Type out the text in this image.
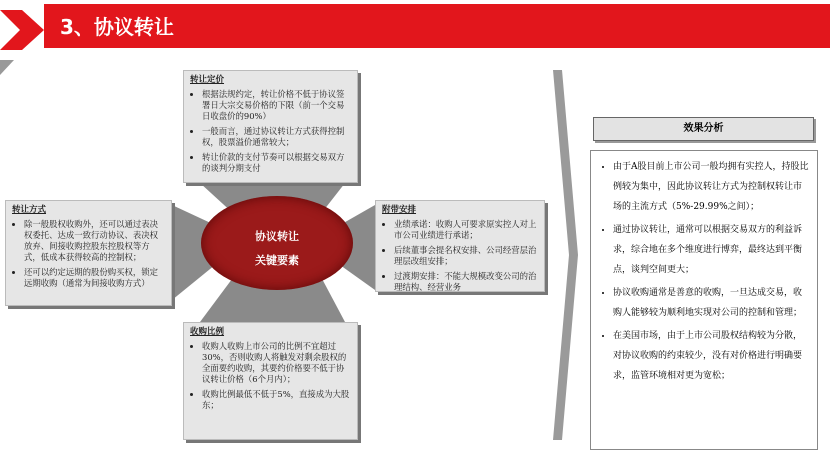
3、协议转让
转让定价
• 根据法规约定，转让价格不低于协议签署日大宗交易价格的下限（前一个交易日收盘价的90%）
• 一般而言，通过协议转让方式获得控制权，股票溢价通常较大；
• 转让价款的支付节奏可以根据交易双方的谈判分期支付
转让方式
• 除一般股权收购外，还可以通过表决权委托、达成一致行动协议、表决权放弃、间接收购控股东控股权等方式，低成本获得较高的控制权；
• 还可以约定远期的股份购买权，锁定远期收购（通常为间接收购方式）
附带安排
• 业绩承诺：收购人可要求原实控人对上市公司业绩进行承诺；
• 后续董事会提名权安排、公司经营层治理层改组安排；
• 过渡期安排：不能大规模改变公司的治理结构、经营业务
收购比例
• 收购人收购上市公司的比例不宜超过30%，否则收购人将触发对剩余股权的全面要约收购，其要约价格要不低于协议转让价格（6个月内）；
• 收购比例最低不低于5%，直接成为大股东；
协议转让
关键要素
效果分析
• 由于A股目前上市公司一般均拥有实控人，持股比例较为集中，因此协议转让方式为控制权转让市场的主流方式（5%-29.99%之间）；
• 通过协议转让，通常可以根据交易双方的利益诉求，综合地在多个维度进行博弈，最终达到平衡点，谈判空间更大；
• 协议收购通常是善意的收购，一旦达成交易，收购人能够较为顺利地实现对公司的控制和管理；
• 在美国市场，由于上市公司股权结构较为分散，对协议收购的约束较少，没有对价格进行明确要求，监管环境相对更为宽松；
